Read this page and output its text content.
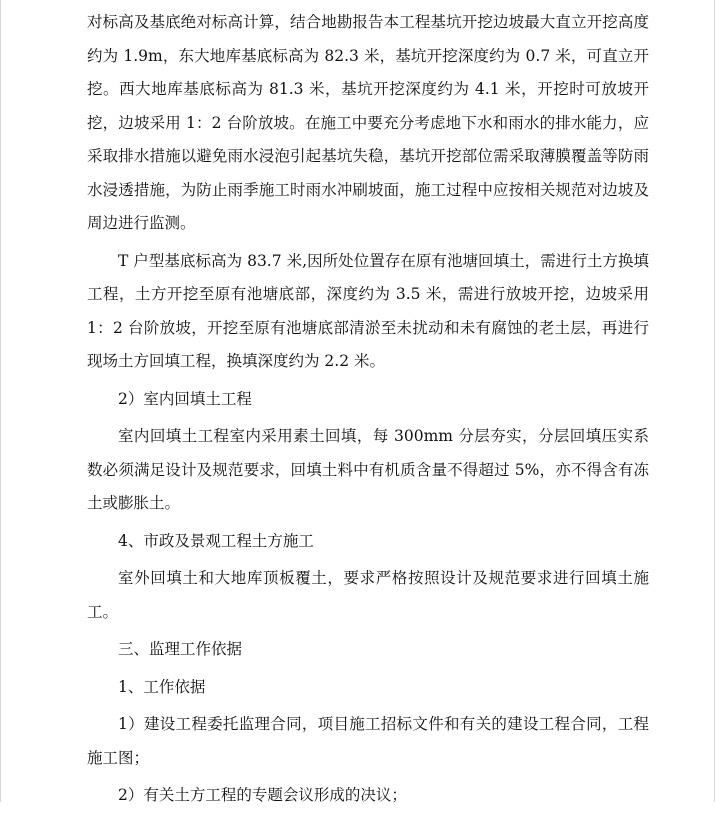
对标高及基底绝对标高计算，结合地勘报告本工程基坑开挖边坡最大直立开挖高度约为 1.9m，东大地库基底标高为 82.3 米，基坑开挖深度约为 0.7 米，可直立开挖。西大地库基底标高为 81.3 米，基坑开挖深度约为 4.1 米，开挖时可放坡开挖，边坡采用 1：2 台阶放坡。在施工中要充分考虑地下水和雨水的排水能力，应采取排水措施以避免雨水浸泡引起基坑失稳，基坑开挖部位需采取薄膜覆盖等防雨水浸透措施，为防止雨季施工时雨水冲刷坡面，施工过程中应按相关规范对边坡及周边进行监测。

T 户型基底标高为 83.7 米,因所处位置存在原有池塘回填土，需进行土方换填工程，土方开挖至原有池塘底部，深度约为 3.5 米，需进行放坡开挖，边坡采用 1：2 台阶放坡，开挖至原有池塘底部清淤至未扰动和未有腐蚀的老土层，再进行现场土方回填工程，换填深度约为 2.2 米。

2）室内回填土工程

室内回填土工程室内采用素土回填，每 300mm 分层夯实，分层回填压实系数必须满足设计及规范要求，回填土料中有机质含量不得超过 5%，亦不得含有冻土或膨胀土。

4、市政及景观工程土方施工

室外回填土和大地库顶板覆土，要求严格按照设计及规范要求进行回填土施工。

三、监理工作依据

1、工作依据

1）建设工程委托监理合同，项目施工招标文件和有关的建设工程合同，工程施工图；

2）有关土方工程的专题会议形成的决议；
